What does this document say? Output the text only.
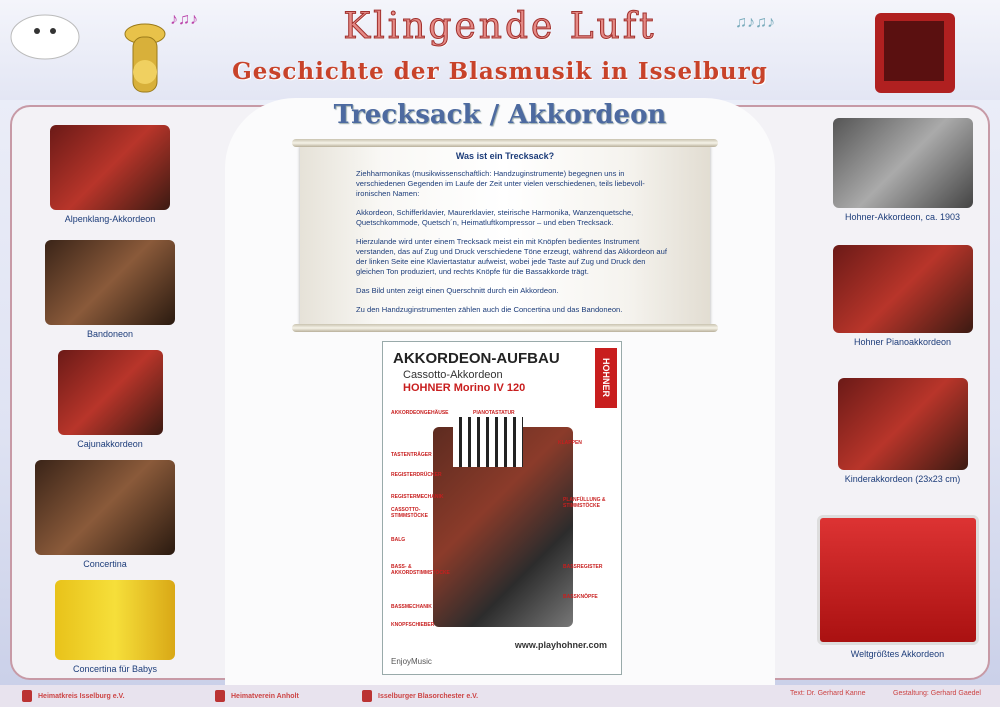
Klingende Luft
Geschichte der Blasmusik in Isselburg
♪♫♪	♫♪♫♪
Trecksack / Akkordeon
Was ist ein Trecksack?

Ziehharmonikas (musikwissenschaftlich: Handzuginstrumente) begegnen uns in verschiedenen Gegenden im Laufe der Zeit unter vielen verschiedenen, teils liebevoll-ironischen Namen:

Akkordeon, Schifferklavier, Maurerklavier, steirische Harmonika, Wanzenquetsche, Quetschkommode, Quetsch´n, Heimatluftkompressor – und eben Trecksack.

Hierzulande wird unter einem Trecksack meist ein mit Knöpfen bedientes Instrument verstanden, das auf Zug und Druck verschiedene Töne erzeugt, während das Akkordeon auf der linken Seite eine Klaviertastatur aufweist, wobei jede Taste auf Zug und Druck den gleichen Ton produziert, und rechts Knöpfe für die Bassakkorde trägt.

Das Bild unten zeigt einen Querschnitt durch ein Akkordeon.

Zu den Handzuginstrumenten zählen auch die Concertina und das Bandoneon.

AKKORDEON-AUFBAU
Cassotto-Akkordeon
HOHNER Morino IV 120	HOHNER
AKKORDEONGEHÄUSE	PIANOTASTATUR
TASTENTRÄGER
KLAPPEN
REGISTERDRÜCKER
REGISTERMECHANIK
CASSOTTO-STIMMSTÖCKE
PLANFÜLLUNG & STIMMSTÖCKE
BALG
BASS- & AKKORDSTIMMSTÖCKE
BASSREGISTER
BASSMECHANIK
BASSKNÖPFE
KNOPFSCHIEBER
www.playhohner.com
EnjoyMusic
Alpenklang-Akkordeon
Bandoneon
Cajunakkordeon
Concertina
Concertina für Babys
Hohner-Akkordeon, ca. 1903
Hohner Pianoakkordeon
Kinderakkordeon (23x23 cm)
Weltgrößtes Akkordeon
Heimatkreis Isselburg e.V.	Heimatverein Anholt	Isselburger Blasorchester e.V.	Text: Dr. Gerhard Kanne	Gestaltung: Gerhard Gaedel
